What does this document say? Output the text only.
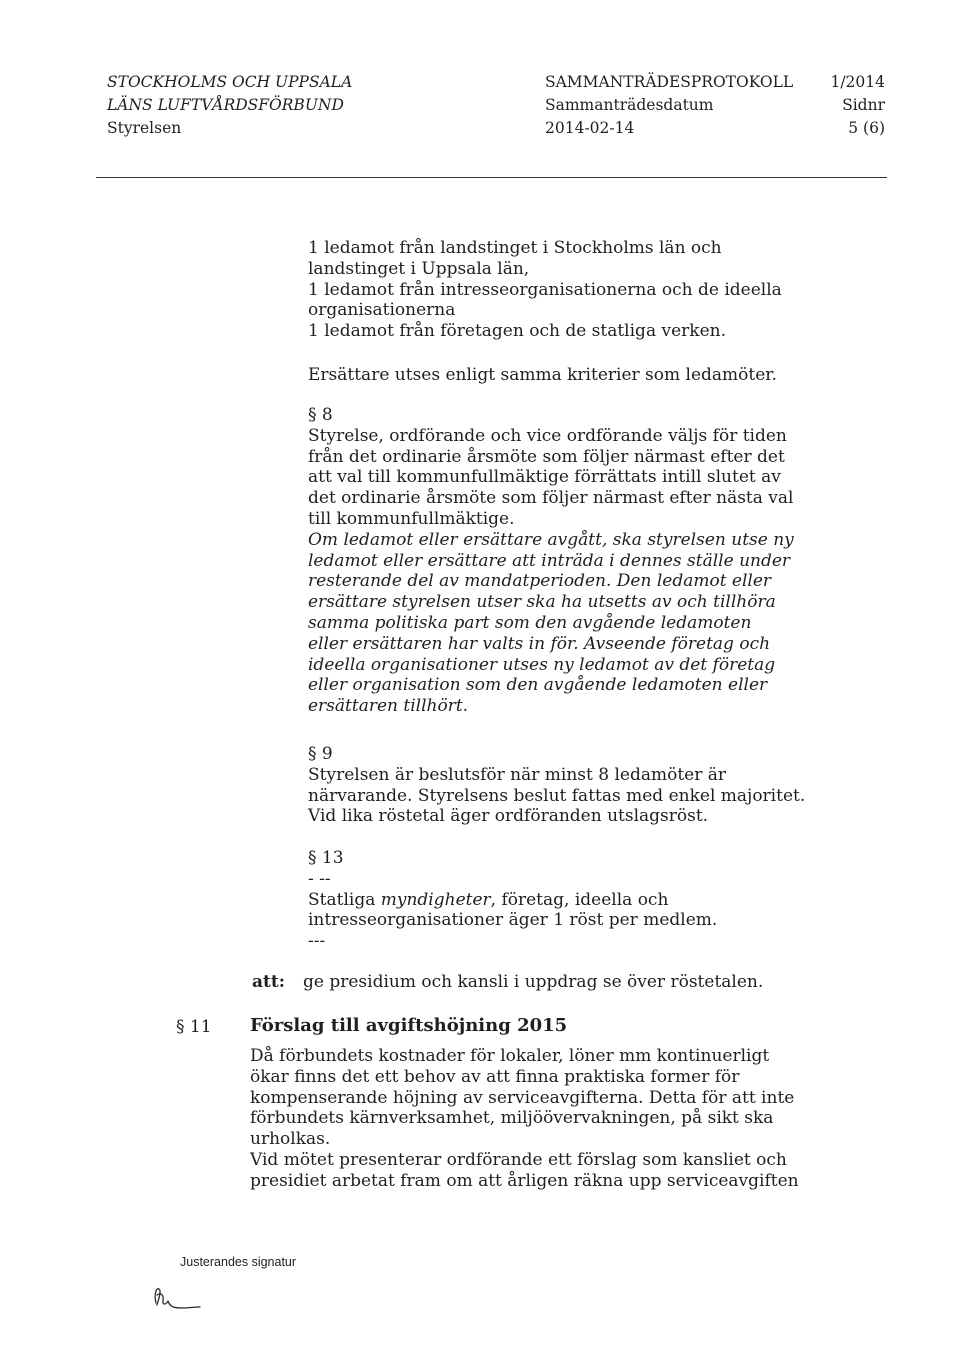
STOCKHOLMS OCH UPPSALA
LÄNS LUFTVÅRDSFÖRBUND
Styrelsen
SAMMANTRÄDESPROTOKOLL
Sammanträdesdatum
2014-02-14
1/2014
Sidnr
5 (6)

1 ledamot från landstinget i Stockholms län och

landstinget i Uppsala län,

1 ledamot från intresseorganisationerna och de ideella

organisationerna

1 ledamot från företagen och de statliga verken.

Ersättare utses enligt samma kriterier som ledamöter.

§ 8

Styrelse, ordförande och vice ordförande väljs för tiden

från det ordinarie årsmöte som följer närmast efter det

att val till kommunfullmäktige förrättats intill slutet av

det ordinarie årsmöte som följer närmast efter nästa val

till kommunfullmäktige.

Om ledamot eller ersättare avgått, ska styrelsen utse ny

ledamot eller ersättare att inträda i dennes ställe under

resterande del av mandatperioden. Den ledamot eller

ersättare styrelsen utser ska ha utsetts av och tillhöra

samma politiska part som den avgående ledamoten

eller ersättaren har valts in för. Avseende företag och

ideella organisationer utses ny ledamot av det företag

eller organisation som den avgående ledamoten eller

ersättaren tillhört.

§ 9

Styrelsen är beslutsför när minst 8 ledamöter är

närvarande. Styrelsens beslut fattas med enkel majoritet.

Vid lika röstetal äger ordföranden utslagsröst.

§ 13

- --

Statliga myndigheter, företag, ideella och

intresseorganisationer äger 1 röst per medlem.

---

att: ge presidium och kansli i uppdrag se över röstetalen.
§ 11 Förslag till avgiftshöjning 2015

Då förbundets kostnader för lokaler, löner mm kontinuerligt

ökar finns det ett behov av att finna praktiska former för

kompenserande höjning av serviceavgifterna. Detta för att inte

förbundets kärnverksamhet, miljöövervakningen, på sikt ska

urholkas.

Vid mötet presenterar ordförande ett förslag som kansliet och

presidiet arbetat fram om att årligen räkna upp serviceavgiften

Justerandes signatur
